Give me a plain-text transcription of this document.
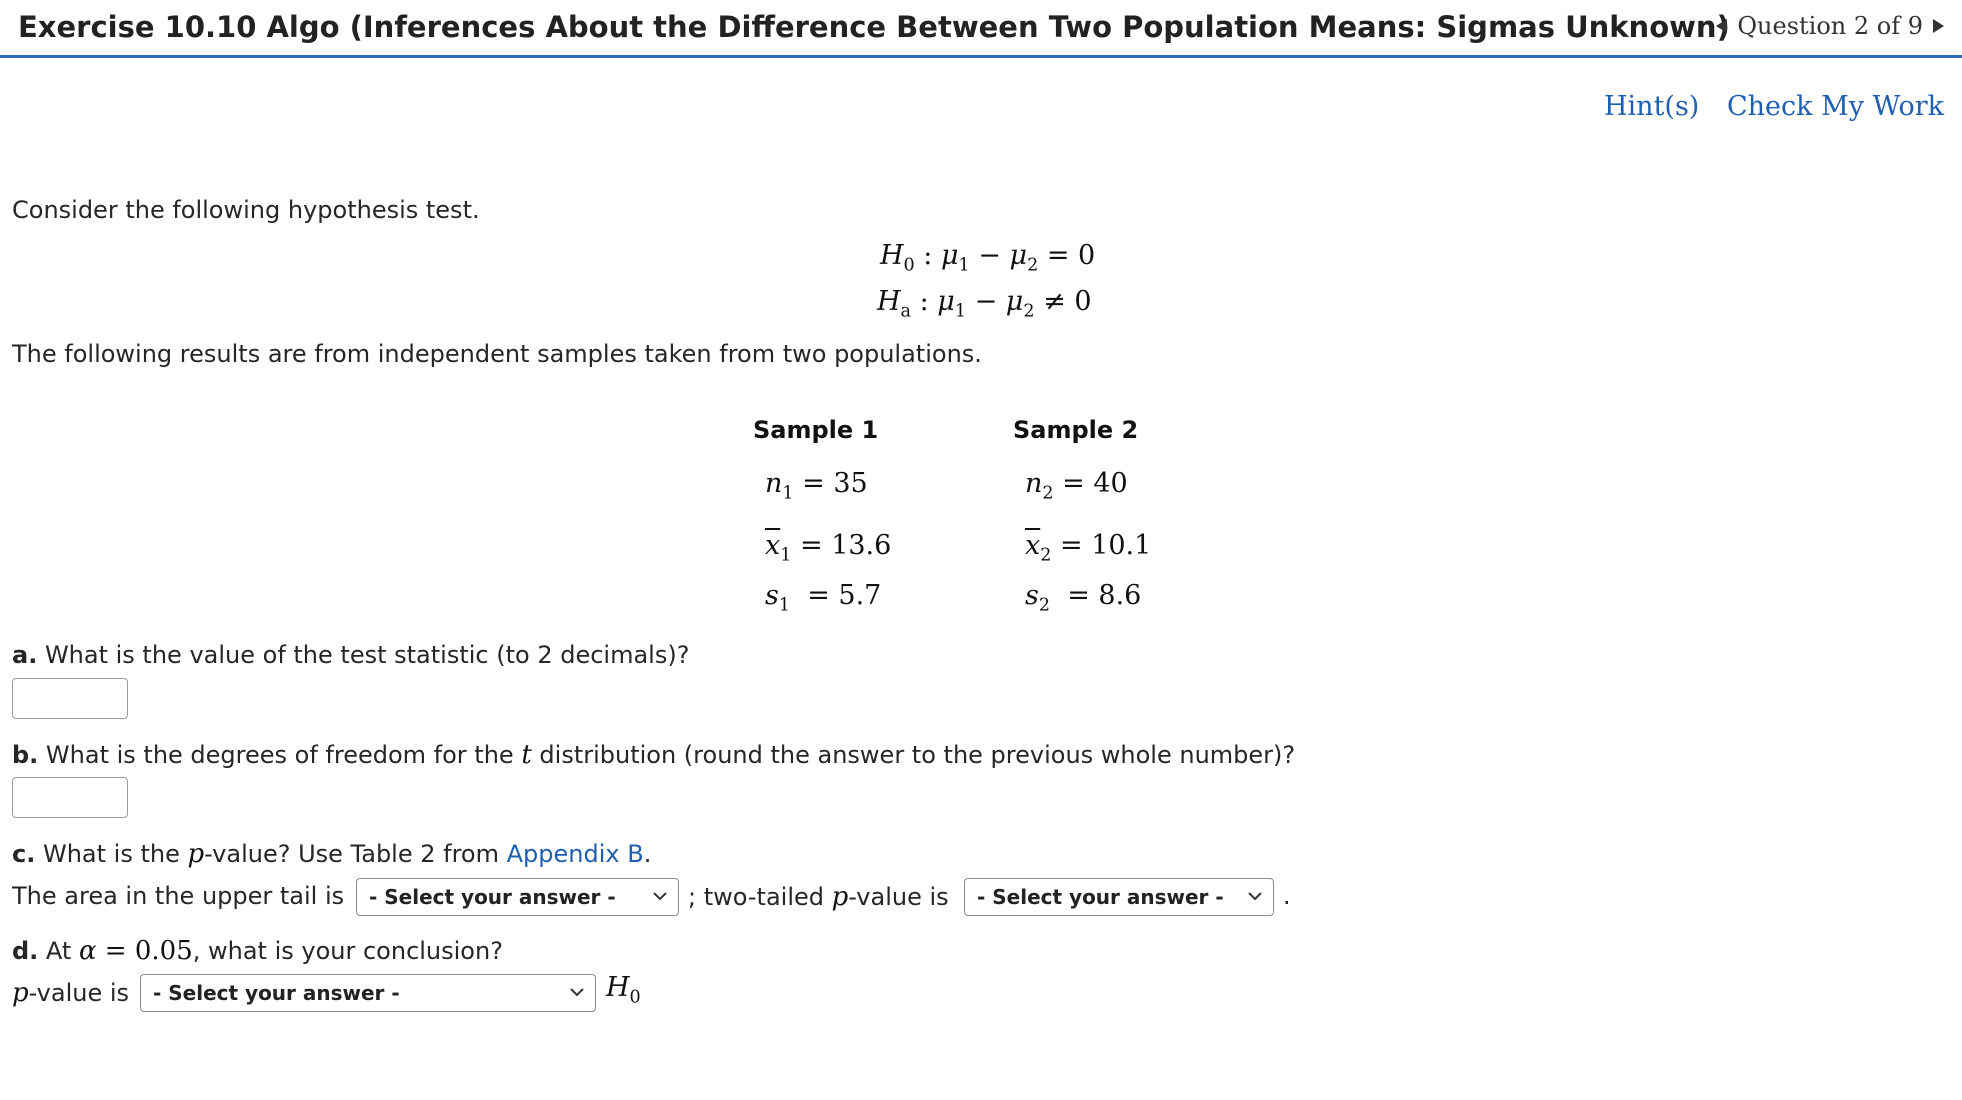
Exercise 10.10 Algo (Inferences About the Difference Between Two Population Means: Sigmas Unknown) Question 2 of 9
Hint(s) Check My Work
Consider the following hypothesis test.
$H_0$ : $\mu_1 - \mu_2 = 0$
$H_a$ : $\mu_1 - \mu_2 \ne 0$
The following results are from independent samples taken from two populations.
Sample 1	Sample 2
$n_1 = 35$	$n_2 = 40$
$\overline{x}_1 = 13.6$	$\overline{x}_2 = 10.1$
$s_1 = 5.7$	$s_2 = 8.6$
a. What is the value of the test statistic (to 2 decimals)?
b. What is the degrees of freedom for the t distribution (round the answer to the previous whole number)?
c. What is the p-value? Use Table 2 from Appendix B.
The area in the upper tail is - Select your answer -	; two-tailed p-value is - Select your answer - .
d. At α = 0.05, what is your conclusion?
p-value is - Select your answer -	$H_0$
